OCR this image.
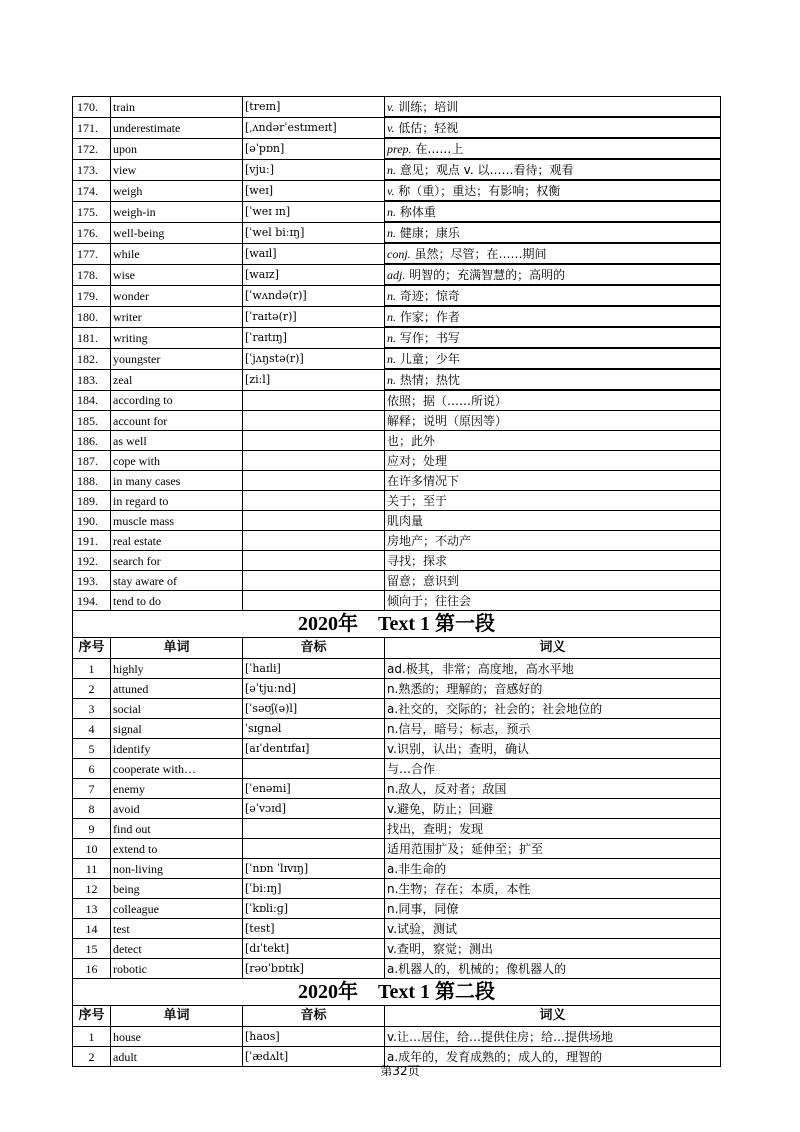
170.	train	[treɪn]	v. 训练；培训
171.	underestimate	[ˌʌndərˈestɪmeɪt]	v. 低估；轻视
172.	upon	[əˈpɒn]	prep. 在……上
173.	view	[vjuː]	n. 意见；观点 v. 以……看待；观看
174.	weigh	[weɪ]	v. 称（重）；重达；有影响；权衡
175.	weigh-in	[ˈweɪ ɪn]	n. 称体重
176.	well-being	[ˈwel biːɪŋ]	n. 健康；康乐
177.	while	[waɪl]	conj. 虽然；尽管；在……期间
178.	wise	[waɪz]	adj. 明智的；充满智慧的；高明的
179.	wonder	[ˈwʌndə(r)]	n. 奇迹；惊奇
180.	writer	[ˈraɪtə(r)]	n. 作家；作者
181.	writing	[ˈraɪtɪŋ]	n. 写作；书写
182.	youngster	[ˈjʌŋstə(r)]	n. 儿童；少年
183.	zeal	[ziːl]	n. 热情；热忱
184.	according to		依照；据（……所说）
185.	account for		解释；说明（原因等）
186.	as well		也；此外
187.	cope with		应对；处理
188.	in many cases		在许多情况下
189.	in regard to		关于；至于
190.	muscle mass		肌肉量
191.	real estate		房地产；不动产
192.	search for		寻找；探求
193.	stay aware of		留意；意识到
194.	tend to do		倾向于；往往会
2020年　Text 1 第一段			
序号	单词	音标	词义
1	highly	[ˈhaɪli]	ad.极其，非常；高度地，高水平地
2	attuned	[əˈtjuːnd]	n.熟悉的；理解的；音感好的
3	social	[ˈsəʊʃ(ə)l]	a.社交的，交际的；社会的；社会地位的
4	signal	ˈsɪɡnəl	n.信号，暗号；标志，预示
5	identify	[aɪˈdentɪfaɪ]	v.识别，认出；查明，确认
6	cooperate with…		与…合作
7	enemy	[ˈenəmi]	n.敌人，反对者；敌国
8	avoid	[əˈvɔɪd]	v.避免，防止；回避
9	find out		找出，查明；发现
10	extend to		适用范围扩及；延伸至；扩至
11	non-living	[ˈnɒn ˈlɪvɪŋ]	a.非生命的
12	being	[ˈbiːɪŋ]	n.生物；存在；本质，本性
13	colleague	[ˈkɒliːɡ]	n.同事，同僚
14	test	[test]	v.试验，测试
15	detect	[dɪˈtekt]	v.查明，察觉；测出
16	robotic	[rəʊˈbɒtɪk]	a.机器人的，机械的；像机器人的
2020年　Text 1 第二段			
序号	单词	音标	词义
1	house	[haʊs]	v.让…居住，给…提供住房；给…提供场地
2	adult	[ˈædʌlt]	a.成年的，发育成熟的；成人的，理智的
第32页
